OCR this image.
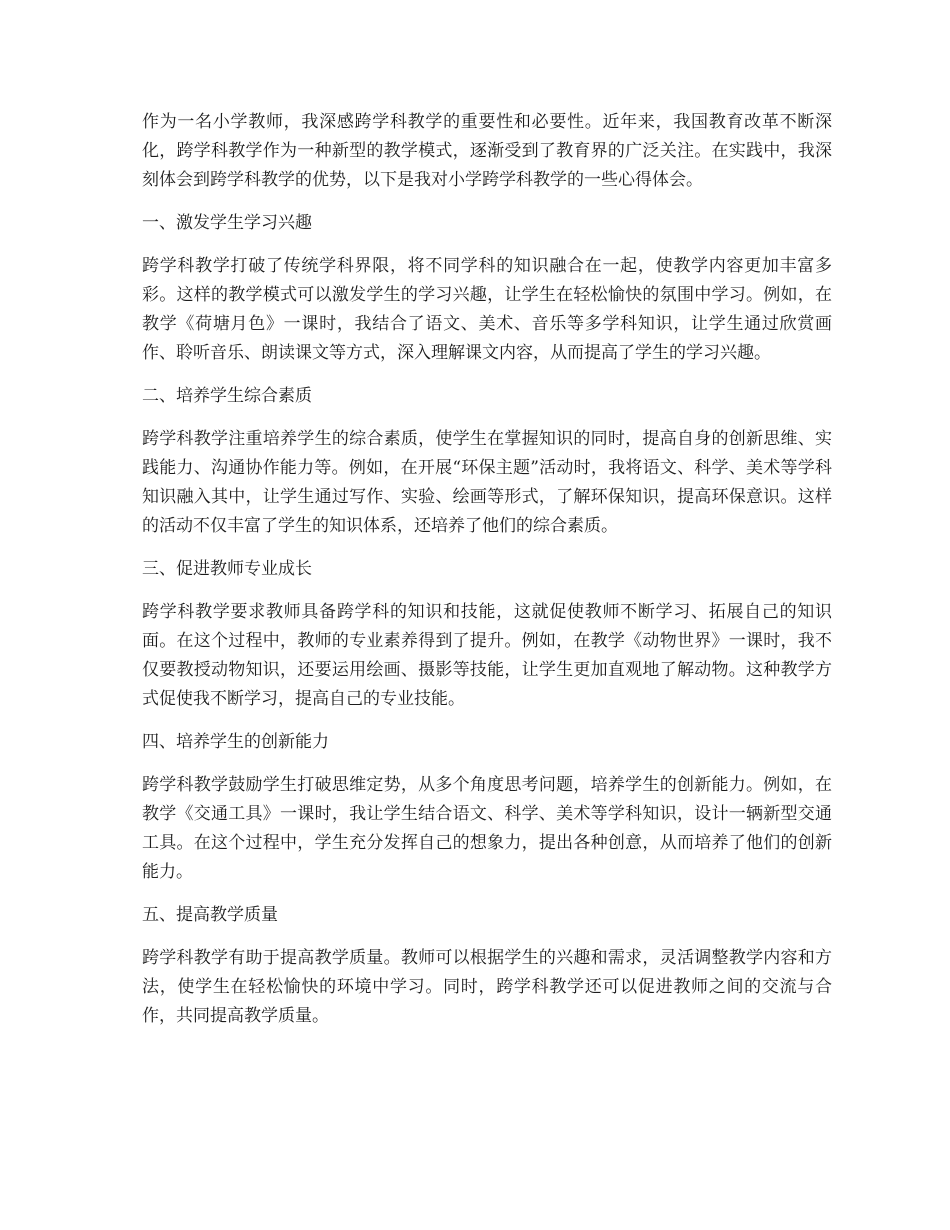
作为一名小学教师，我深感跨学科教学的重要性和必要性。近年来，我国教育改革不断深化，跨学科教学作为一种新型的教学模式，逐渐受到了教育界的广泛关注。在实践中，我深刻体会到跨学科教学的优势，以下是我对小学跨学科教学的一些心得体会。

一、激发学生学习兴趣

跨学科教学打破了传统学科界限，将不同学科的知识融合在一起，使教学内容更加丰富多彩。这样的教学模式可以激发学生的学习兴趣，让学生在轻松愉快的氛围中学习。例如，在教学《荷塘月色》一课时，我结合了语文、美术、音乐等多学科知识，让学生通过欣赏画作、聆听音乐、朗读课文等方式，深入理解课文内容，从而提高了学生的学习兴趣。

二、培养学生综合素质

跨学科教学注重培养学生的综合素质，使学生在掌握知识的同时，提高自身的创新思维、实践能力、沟通协作能力等。例如，在开展“环保主题”活动时，我将语文、科学、美术等学科知识融入其中，让学生通过写作、实验、绘画等形式，了解环保知识，提高环保意识。这样的活动不仅丰富了学生的知识体系，还培养了他们的综合素质。

三、促进教师专业成长

跨学科教学要求教师具备跨学科的知识和技能，这就促使教师不断学习、拓展自己的知识面。在这个过程中，教师的专业素养得到了提升。例如，在教学《动物世界》一课时，我不仅要教授动物知识，还要运用绘画、摄影等技能，让学生更加直观地了解动物。这种教学方式促使我不断学习，提高自己的专业技能。

四、培养学生的创新能力

跨学科教学鼓励学生打破思维定势，从多个角度思考问题，培养学生的创新能力。例如，在教学《交通工具》一课时，我让学生结合语文、科学、美术等学科知识，设计一辆新型交通工具。在这个过程中，学生充分发挥自己的想象力，提出各种创意，从而培养了他们的创新能力。

五、提高教学质量

跨学科教学有助于提高教学质量。教师可以根据学生的兴趣和需求，灵活调整教学内容和方法，使学生在轻松愉快的环境中学习。同时，跨学科教学还可以促进教师之间的交流与合作，共同提高教学质量。
